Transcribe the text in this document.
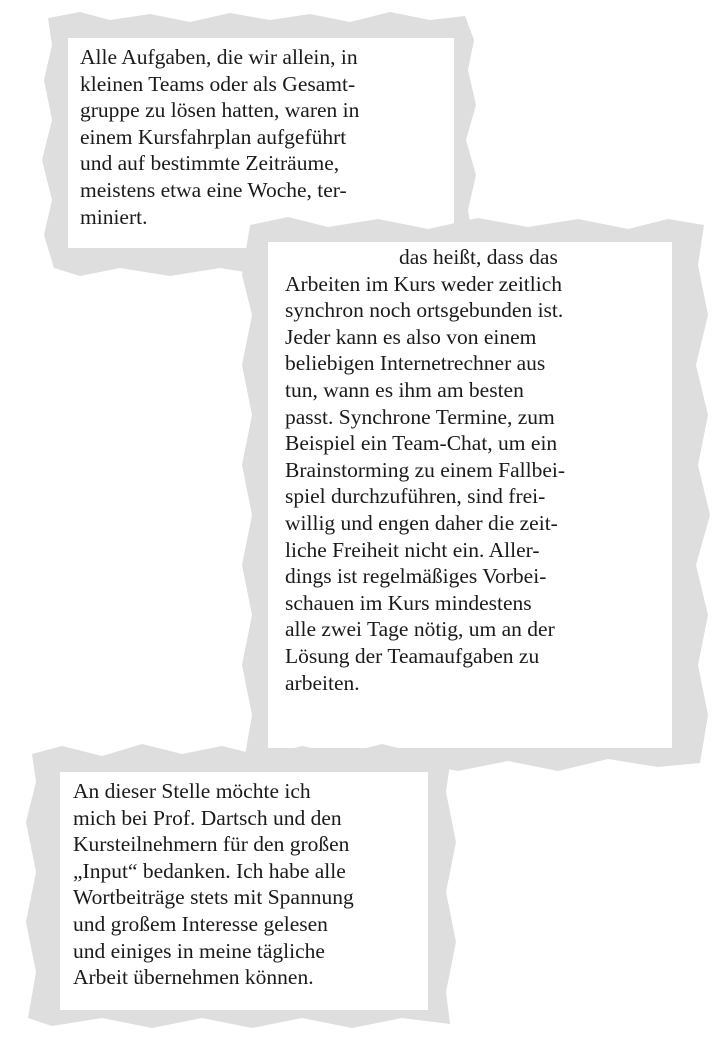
Alle Aufgaben, die wir allein, in
kleinen Teams oder als Gesamt-
gruppe zu lösen hatten, waren in
einem Kursfahrplan aufgeführt
und auf bestimmte Zeiträume,
meistens etwa eine Woche, ter-
miniert.
das heißt, dass das
Arbeiten im Kurs weder zeitlich
synchron noch ortsgebunden ist.
Jeder kann es also von einem
beliebigen Internetrechner aus
tun, wann es ihm am besten
passt. Synchrone Termine, zum
Beispiel ein Team-Chat, um ein
Brainstorming zu einem Fallbei-
spiel durchzuführen, sind frei-
willig und engen daher die zeit-
liche Freiheit nicht ein. Aller-
dings ist regelmäßiges Vorbei-
schauen im Kurs mindestens
alle zwei Tage nötig, um an der
Lösung der Teamaufgaben zu
arbeiten.
An dieser Stelle möchte ich
mich bei Prof. Dartsch und den
Kursteilnehmern für den großen
„Input“ bedanken. Ich habe alle
Wortbeiträge stets mit Spannung
und großem Interesse gelesen
und einiges in meine tägliche
Arbeit übernehmen können.
